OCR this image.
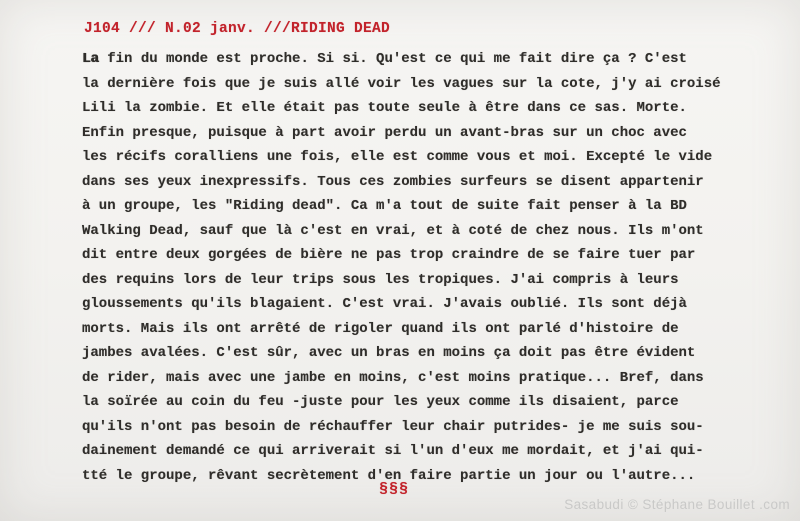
J104 /// N.02 janv. ///RIDING DEAD
La fin du monde est proche. Si si. Qu'est ce qui me fait dire ça ? C'est
la dernière fois que je suis allé voir les vagues sur la cote, j'y ai croisé
Lili la zombie. Et elle était pas toute seule à être dans ce sas. Morte.
Enfin presque, puisque à part avoir perdu un avant-bras sur un choc avec
les récifs coralliens une fois, elle est comme vous et moi. Excepté le vide
dans ses yeux inexpressifs. Tous ces zombies surfeurs se disent appartenir
à un groupe, les "Riding dead". Ca m'a tout de suite fait penser à la BD
Walking Dead, sauf que là c'est en vrai, et à coté de chez nous. Ils m'ont
dit entre deux gorgées de bière ne pas trop craindre de se faire tuer par
des requins lors de leur trips sous les tropiques. J'ai compris à leurs
gloussements qu'ils blagaient. C'est vrai. J'avais oublié. Ils sont déjà
morts. Mais ils ont arrêté de rigoler quand ils ont parlé d'histoire de
jambes avalées. C'est sûr, avec un bras en moins ça doit pas être évident
de rider, mais avec une jambe en moins, c'est moins pratique... Bref, dans
la soïrée au coin du feu -juste pour les yeux comme ils disaient, parce
qu'ils n'ont pas besoin de réchauffer leur chair putrides- je me suis sou-
dainement demandé ce qui arriverait si l'un d'eux me mordait, et j'ai qui-
tté le groupe, rêvant secrètement d'en faire partie un jour ou l'autre...
§§§
Sasabudi © Stéphane Bouillet .com
